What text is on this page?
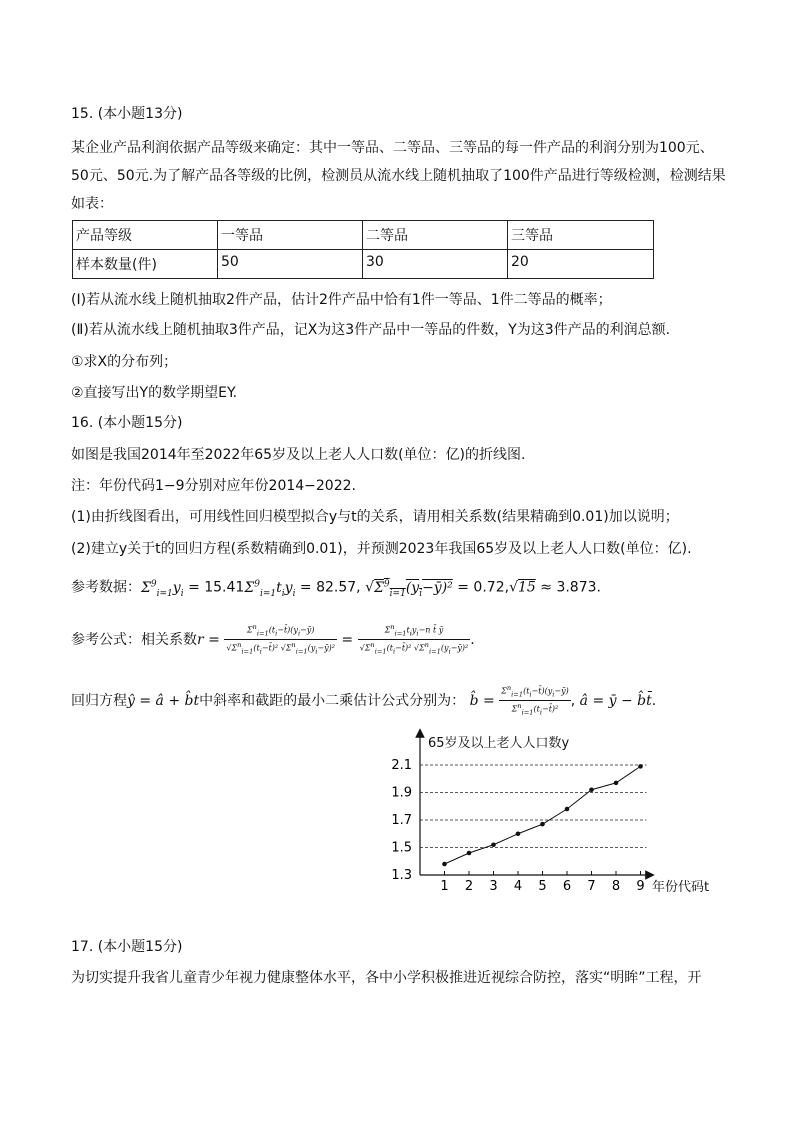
15. (本小题13分)
某企业产品利润依据产品等级来确定：其中一等品、二等品、三等品的每一件产品的利润分别为100元、
50元、50元.为了解产品各等级的比例，检测员从流水线上随机抽取了100件产品进行等级检测，检测结果
如表：
产品等级	一等品	二等品	三等品
样本数量(件)	50	30	20
(Ⅰ)若从流水线上随机抽取2件产品，估计2件产品中恰有1件一等品、1件二等品的概率；
(Ⅱ)若从流水线上随机抽取3件产品，记X为这3件产品中一等品的件数，Y为这3件产品的利润总额.
①求X的分布列；
②直接写出Y的数学期望EY.
16. (本小题15分)
如图是我国2014年至2022年65岁及以上老人人口数(单位：亿)的折线图.
注：年份代码1−9分别对应年份2014−2022.
(1)由折线图看出，可用线性回归模型拟合y与t的关系，请用相关系数(结果精确到0.01)加以说明；
(2)建立y关于t的回归方程(系数精确到0.01)，并预测2023年我国65岁及以上老人人口数(单位：亿).
参考数据：$\Sigma^9_{i=1}y_i = 15.41\Sigma^9_{i=1}t_iy_i = 82.57$, $√\Sigma^9_{i=1}(y_i-ȳ)^2 = 0.72,√15 \approx 3.873$.
参考公式：相关系数$r = \frac{\Sigma^n_{i=1}(t_i-t̄)(y_i-ȳ)}{√\Sigma^n_{i=1}(t_i-t̄)^2 √\Sigma^n_{i=1}(y_i-ȳ)^2} = \frac{\Sigma^n_{i=1}t_iy_i-n t̄ ȳ}{√\Sigma^n_{i=1}(t_i-t̄)^2 √\Sigma^n_{i=1}(y_i-ȳ)^2}$ .
回归方程ŷ = â + b̂t中斜率和截距的最小二乘估计公式分别为： b̂ = $\frac{\Sigma^n_{i=1}(t_i-t̄)(y_i-ȳ)}{\Sigma^n_{i=1}(t_i-t̄)^2}$ , â = ȳ − b̂t̄.
65岁及以上老人人口数y
年份代码t
1.3
1.5
1.7
1.9
2.1
1 2 3 4 5 6 7 8 9
17. (本小题15分)
为切实提升我省儿童青少年视力健康整体水平，各中小学积极推进近视综合防控，落实“明眸”工程，开
